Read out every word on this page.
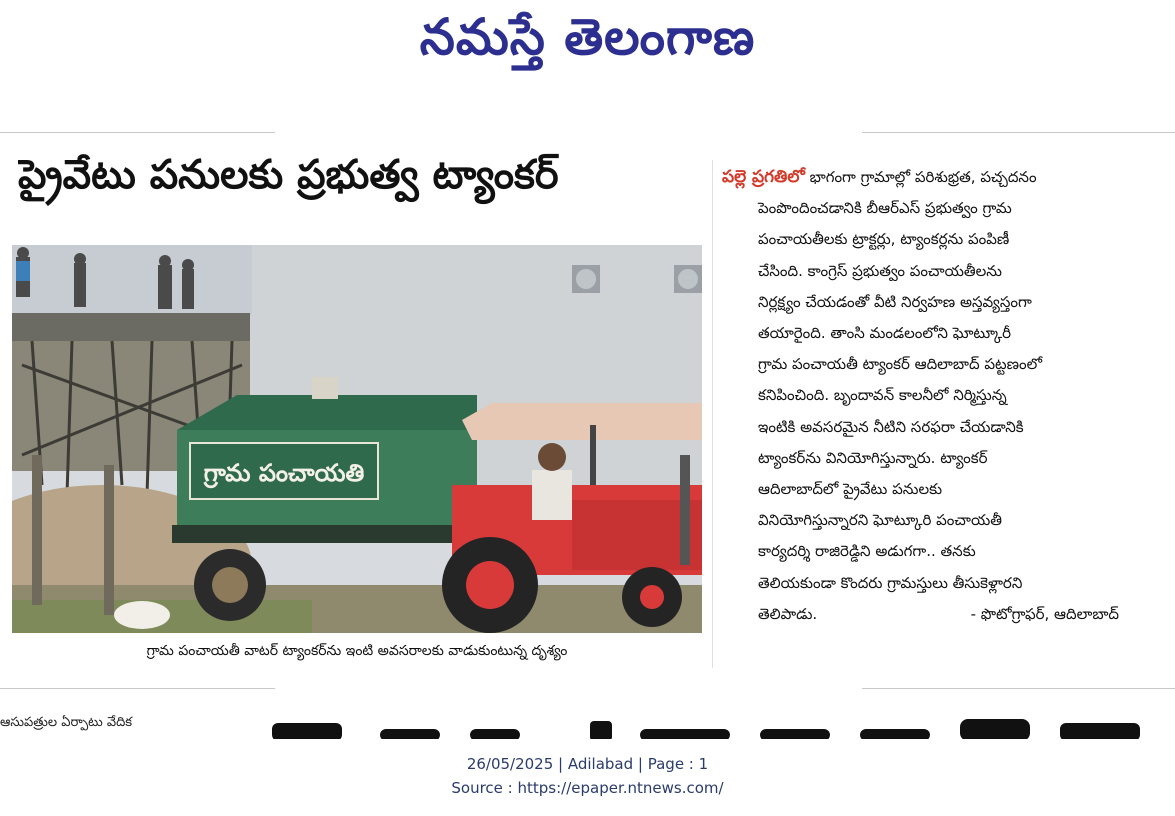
నమస్తే తెలంగాణ
ప్రైవేటు పనులకు ప్రభుత్వ ట్యాంకర్
గ్రామ పంచాయతి
గ్రామ పంచాయతీ వాటర్ ట్యాంకర్‌ను ఇంటి అవసరాలకు వాడుకుంటున్న దృశ్యం
పల్లె ప్రగతిలో భాగంగా గ్రామాల్లో పరిశుభ్రత, పచ్చదనం
పెంపొందించడానికి బీఆర్‌ఎస్ ప్రభుత్వం గ్రామ
పంచాయతీలకు ట్రాక్టర్లు, ట్యాంకర్లను పంపిణీ
చేసింది. కాంగ్రెస్ ప్రభుత్వం పంచాయతీలను
నిర్లక్ష్యం చేయడంతో వీటి నిర్వహణ అస్తవ్యస్తంగా
తయారైంది. తాంసి మండలంలోని ఘోట్కూరీ
గ్రామ పంచాయతీ ట్యాంకర్ ఆదిలాబాద్ పట్టణంలో
కనిపించింది. బృందావన్ కాలనీలో నిర్మిస్తున్న
ఇంటికి అవసరమైన నీటిని సరఫరా చేయడానికి
ట్యాంకర్‌ను వినియోగిస్తున్నారు. ట్యాంకర్
ఆదిలాబాద్‌లో ప్రైవేటు పనులకు
వినియోగిస్తున్నారని ఘోట్కూరి పంచాయతీ
కార్యదర్శి రాజిరెడ్డిని అడుగగా.. తనకు
తెలియకుండా కొందరు గ్రామస్తులు తీసుకెళ్లారని
తెలిపాడు.	- ఫొటోగ్రాఫర్, ఆదిలాబాద్
ఆసుపత్రుల ఏర్పాటు వేదిక
26/05/2025 | Adilabad | Page : 1
Source : https://epaper.ntnews.com/
